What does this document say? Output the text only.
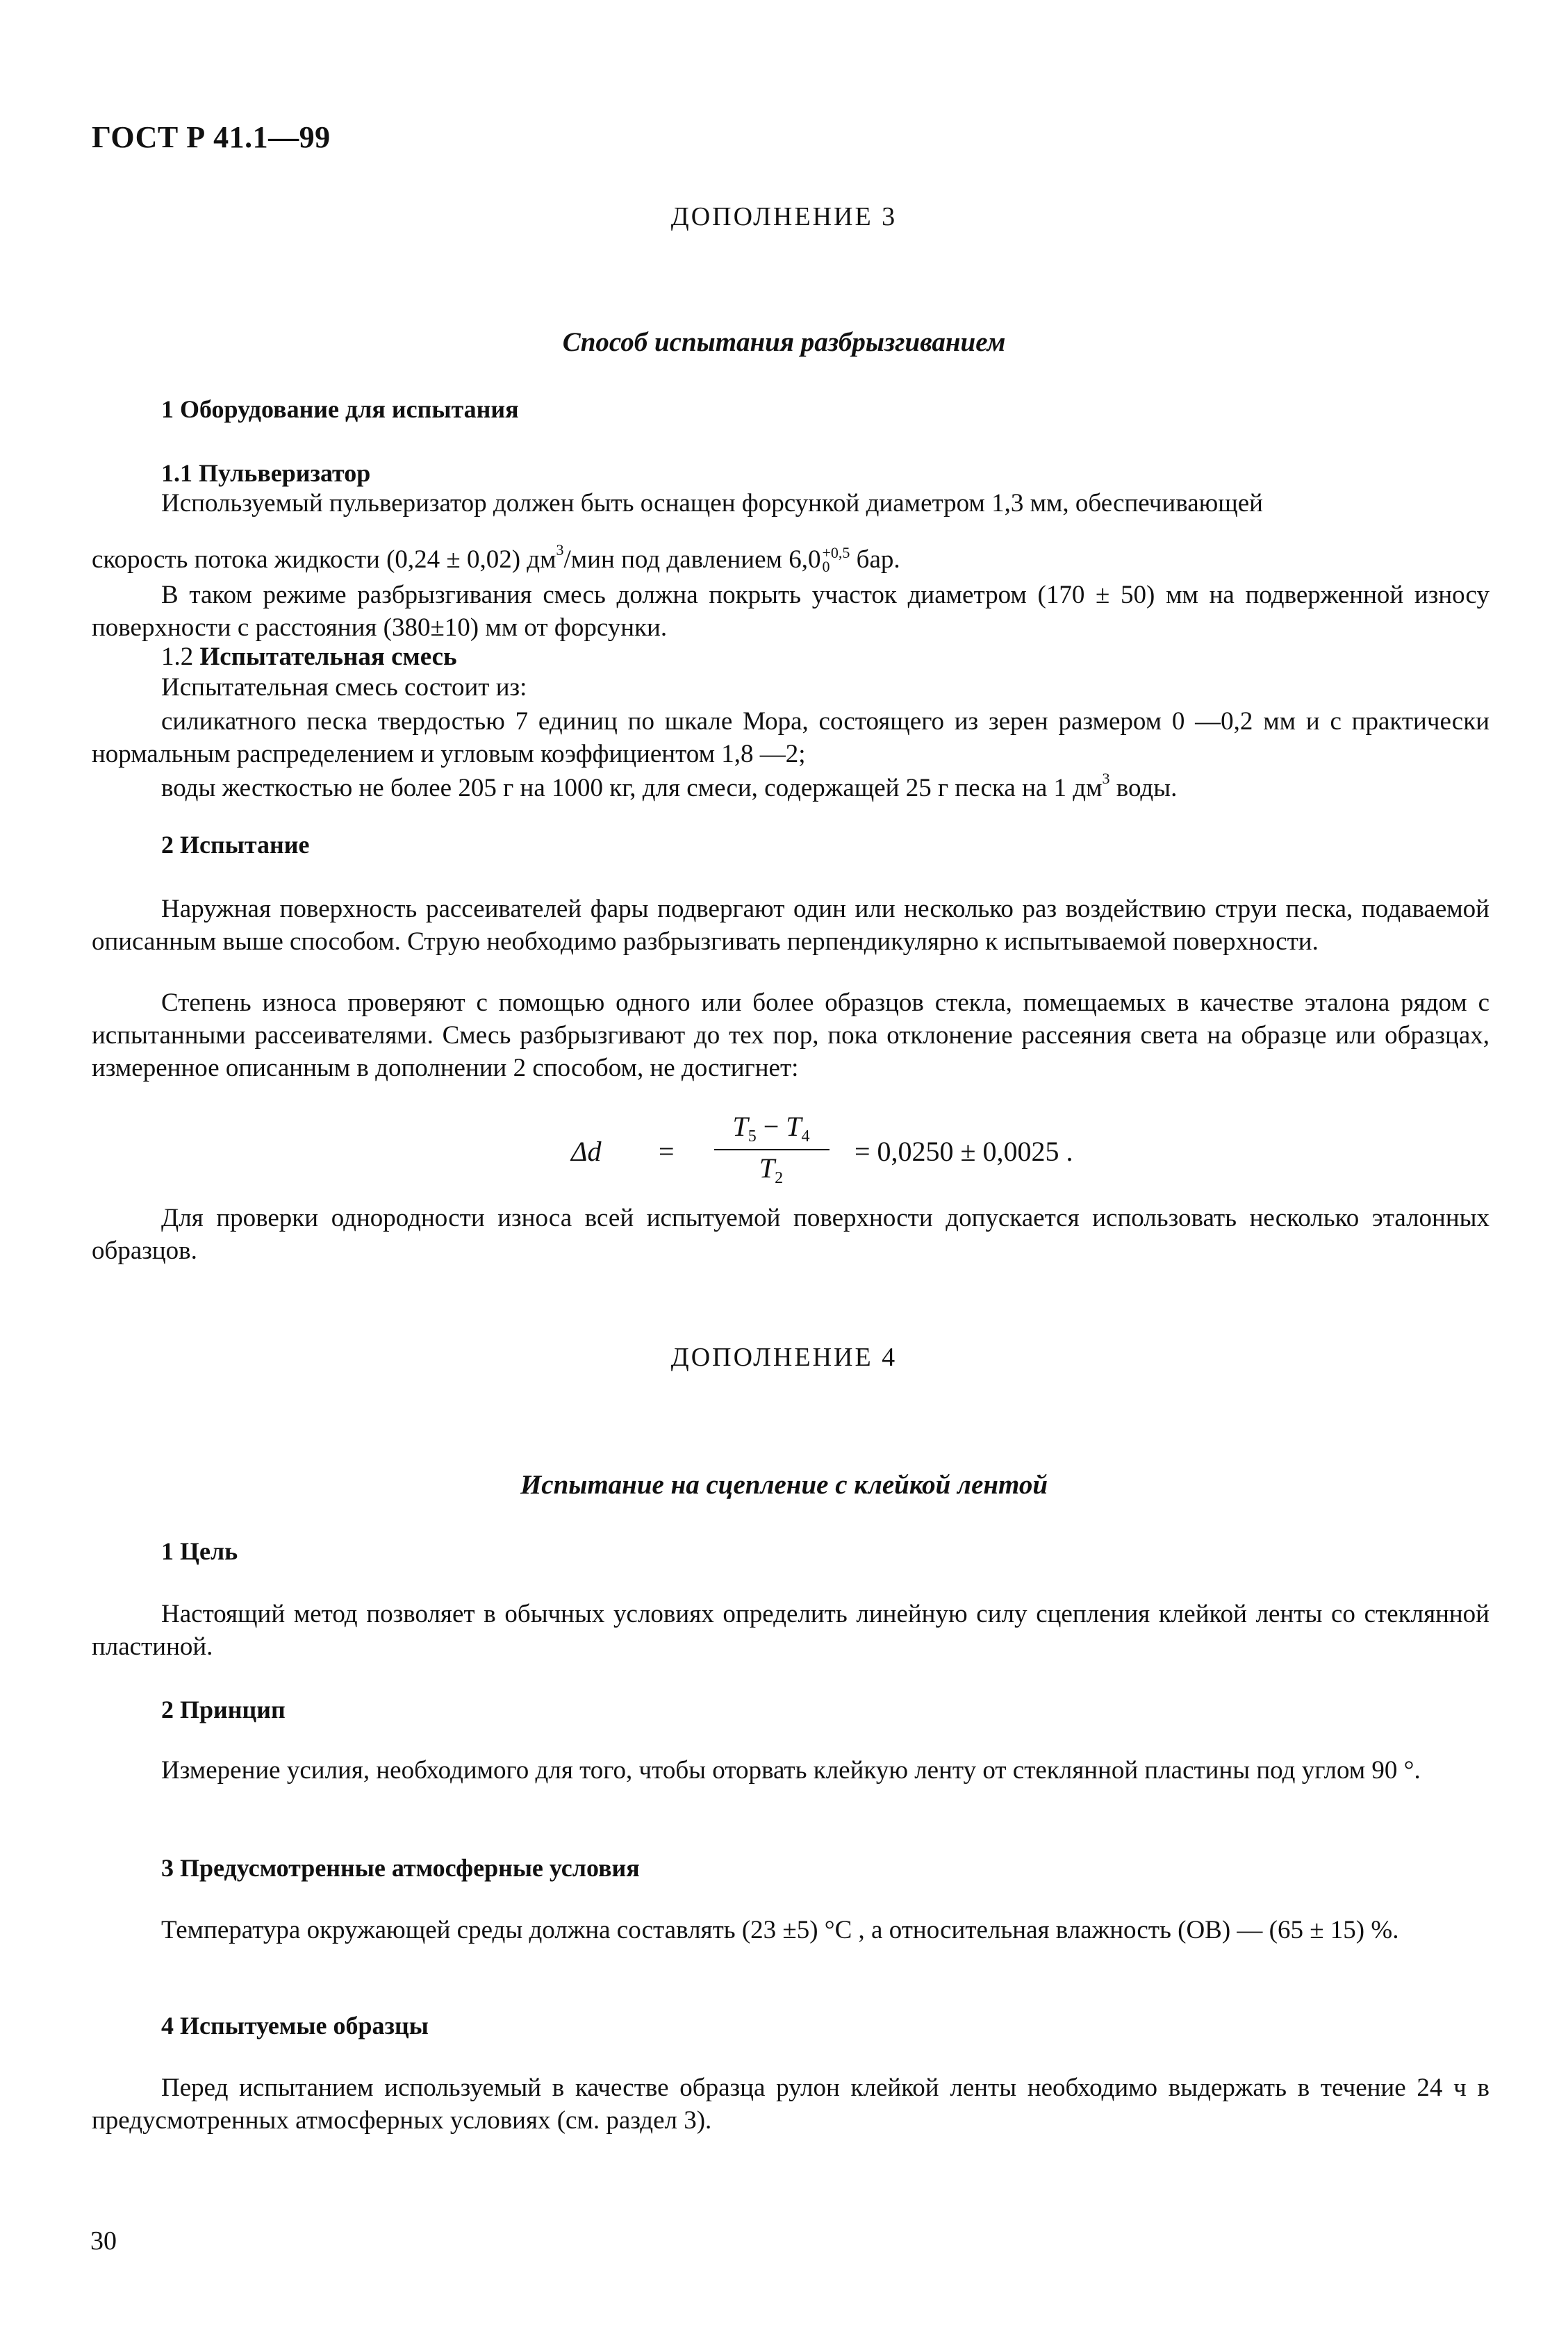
ГОСТ Р 41.1—99
ДОПОЛНЕНИЕ 3
Способ испытания разбрызгиванием
1 Оборудование для испытания
1.1 Пульверизатор
Используемый пульверизатор должен быть оснащен форсункой диаметром 1,3 мм, обеспечивающей
скорость потока жидкости (0,24 ± 0,02) $дм^3$/мин под давлением 6,0 +0,5
0 бар.

В таком режиме разбрызгивания смесь должна покрыть участок диаметром (170 ± 50) мм на подверженной износу поверхности с расстояния (380±10) мм от форсунки.

1.2 Испытательная смесь
Испытательная смесь состоит из:

силикатного песка твердостью 7 единиц по шкале Мора, состоящего из зерен размером 0 —0,2 мм и с практически нормальным распределением и угловым коэффициентом 1,8 —2;

воды жесткостью не более 205 г на 1000 кг, для смеси, содержащей 25 г песка на 1 $дм^3$ воды.
2 Испытание

Наружная поверхность рассеивателей фары подвергают один или несколько раз воздействию струи песка, подаваемой описанным выше способом. Струю необходимо разбрызгивать перпендикулярно к испытываемой поверхности.

Степень износа проверяют с помощью одного или более образцов стекла, помещаемых в качестве эталона рядом с испытанными рассеивателями. Смесь разбрызгивают до тех пор, пока отклонение рассеяния света на образце или образцах, измеренное описанным в дополнении 2 способом, не достигнет:

Δd =
$T_5 - T_4$
$T_2$
= 0,0250 ± 0,0025 .

Для проверки однородности износа всей испытуемой поверхности допускается использовать несколько эталонных образцов.

ДОПОЛНЕНИЕ 4
Испытание на сцепление с клейкой лентой
1 Цель

Настоящий метод позволяет в обычных условиях определить линейную силу сцепления клейкой ленты со стеклянной пластиной.

2 Принцип

Измерение усилия, необходимого для того, чтобы оторвать клейкую ленту от стеклянной пластины под углом 90 °.

3 Предусмотренные атмосферные условия

Температура окружающей среды должна составлять (23 ±5) °С , а относительная влажность (ОВ) — (65 ± 15) %.

4 Испытуемые образцы

Перед испытанием используемый в качестве образца рулон клейкой ленты необходимо выдержать в течение 24 ч в предусмотренных атмосферных условиях (см. раздел 3).

30
